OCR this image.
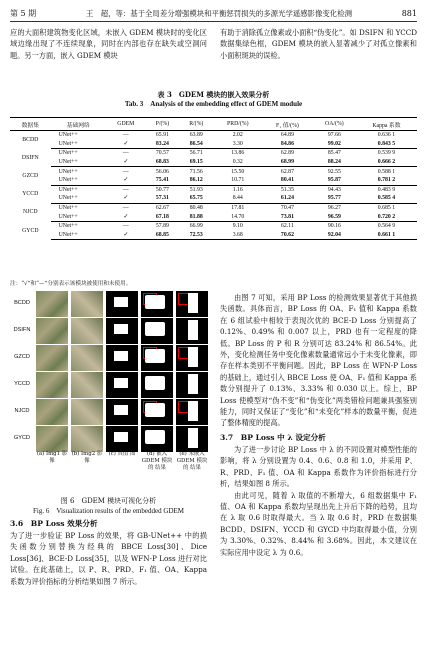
第 5 期	王　超，等：基于全局差分增强模块和平衡惩罚损失的多源光学遥感影像变化检测	881

应的大面积建筑物变化区域，未嵌入 GDEM 模块时的变化区域边缘出现了不连续现象，同时在内部也存在缺失或空洞问题。另一方面，嵌入 GDEM 模块

有助于消除孤立像素或小面积“伪变化”。如 DSIFN 和 YCCD 数据集绿色框，GDEM 模块的嵌入显著减少了对孤立像素和小面积斑块的误检。

表 3　GDEM 模块的嵌入效果分析

Tab. 3　Analysis of the embedding effect of GDEM module

数据集	基础网络	GDEM	P/(%)	R/(%)	PRD/(%)	F₁ 值/(%)	OA/(%)	Kappa 系数
BCDD	UNet++	—	65.91	63.89	2.02	64.89	97.66	0.636 1
	UNet++	✓	83.24	86.54	3.30	84.86	99.02	0.843 5
DSIFN	UNet++	—	70.57	56.71	13.86	62.89	85.47	0.539 9
	UNet++	✓	68.83	69.15	0.32	68.99	88.24	0.666 2
GZCD	UNet++	—	56.06	71.56	15.50	62.87	92.55	0.588 1
	UNet++	✓	75.41	86.12	10.71	80.41	95.87	0.781 2
YCCD	UNet++	—	50.77	51.93	1.16	51.35	94.43	0.483 9
	UNet++	✓	57.31	65.75	8.44	61.24	95.77	0.585 4
NJCD	UNet++	—	62.67	80.48	17.81	70.47	96.27	0.685 1
	UNet++	✓	67.18	81.88	14.70	73.81	96.59	0.720 2
GYCD	UNet++	—	57.89	66.99	9.10	62.11	90.16	0.564 9
	UNet++	✓	68.85	72.53	3.68	70.62	92.04	0.661 1
注：“√”和“—”分别表示该模块被使用和未使用。
BCDD
DSIFN
GZCD
YCCD
NJCD
GYCD
(a) Img1 影像
(b) Img2 影像
(c) 真值 图	(d) 嵌入 GDEM 模块的 结果
(e) 未嵌入 GDEM 模块的 结果

图 6　GDEM 模块可视化分析

Fig. 6　Visualization results of the embedded GDEM

3.6　BP Loss 效果分析

为了进一步验证 BP Loss 的效果，将 GB-UNet++ 中的损失函数分别替换为经典的 BBCE Loss[30]、Dice Loss[36]、BCE-D Loss[35]，以及 WFN-P Loss 进行对比试验。在此基础上，以 P、R、PRD、F₁ 值、OA、Kappa 系数为评价指标的分析结果如图 7 所示。

由图 7 可知，采用 BP Loss 的检测效果显著优于其他损失函数。具体而言，BP Loss 的 OA、F₁ 值和 Kappa 系数在 6 组试验中相较于表现次优的 BCE-D Loss 分别提高了 0.12%、0.49% 和 0.007 以上，PRD 也有一定程度的降低。BP Loss 的 P 和 R 分别可达 83.24% 和 86.54%。此外，变化检测任务中变化像素数量通常远小于未变化像素，即存在样本类别不平衡问题。因此，BP Loss 在 WFN-P Loss 的基础上，通过引入 BBCE Loss 使 OA、F₁ 值和 Kappa 系数分别提升了 0.13%、3.33% 和 0.030 以上。综上，BP Loss 使模型对“伪不变”和“伪变化”两类错检问题兼具强鉴别能力，同时又保证了“变化”和“未变化”样本的数量平衡，促进了整体精度的提高。

3.7　BP Loss 中 λ 设定分析

为了进一步讨论 BP Loss 中 λ 的不同设置对模型性能的影响，将 λ 分别设置为 0.4、0.6、0.8 和 1.0，并采用 P、R、PRD、F₁ 值、OA 和 Kappa 系数作为评价指标进行分析，结果如图 8 所示。

由此可见，随着 λ 取值的不断增大，6 组数据集中 F₁ 值、OA 和 Kappa 系数均呈现出先上升后下降的趋势，且均在 λ 取 0.6 时取得最大。当 λ 取 0.6 时，PRD 在数据集 BCDD、DSIFN、YCCD 和 GYCD 中均取得最小值，分别为 3.30%、0.32%、8.44% 和 3.68%。因此，本文建议在实际应用中设定 λ 为 0.6。
